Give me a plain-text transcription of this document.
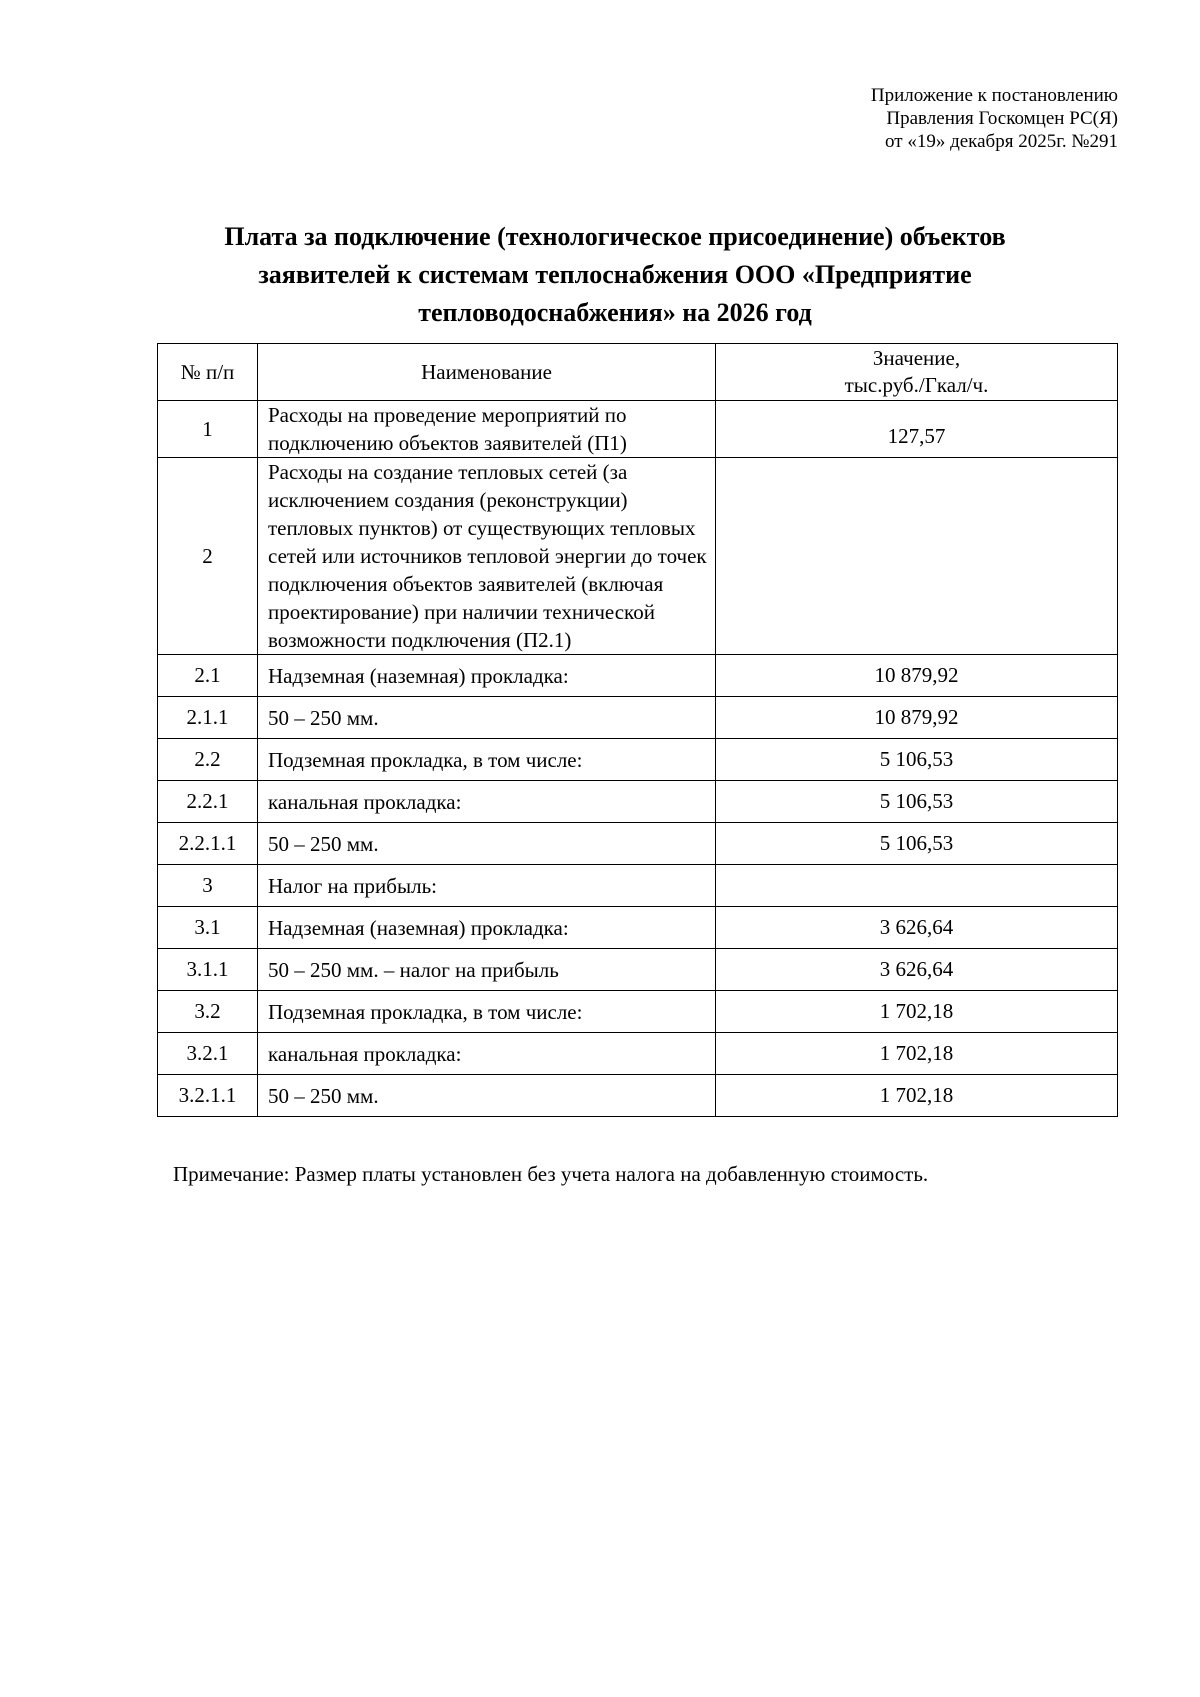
Приложение к постановлению
Правления Госкомцен РС(Я)
от «19» декабря 2025г. №291
Плата за подключение (технологическое присоединение) объектов
заявителей к системам теплоснабжения ООО «Предприятие
тепловодоснабжения» на 2026 год
№ п/п	Наименование	Значение,
тыс.руб./Гкал/ч.

1	Расходы на проведение мероприятий по подключению объектов заявителей (П1)	127,57
2	Расходы на создание тепловых сетей (за исключением создания (реконструкции) тепловых пунктов) от существующих тепловых сетей или источников тепловой энергии до точек подключения объектов заявителей (включая проектирование) при наличии технической возможности подключения (П2.1)	
2.1	Надземная (наземная) прокладка:	10 879,92
2.1.1	50 – 250 мм.	10 879,92
2.2	Подземная прокладка, в том числе:	5 106,53
2.2.1	канальная прокладка:	5 106,53
2.2.1.1	50 – 250 мм.	5 106,53
3	Налог на прибыль:	
3.1	Надземная (наземная) прокладка:	3 626,64
3.1.1	50 – 250 мм. – налог на прибыль	3 626,64
3.2	Подземная прокладка, в том числе:	1 702,18
3.2.1	канальная прокладка:	1 702,18
3.2.1.1	50 – 250 мм.	1 702,18
Примечание: Размер платы установлен без учета налога на добавленную стоимость.
